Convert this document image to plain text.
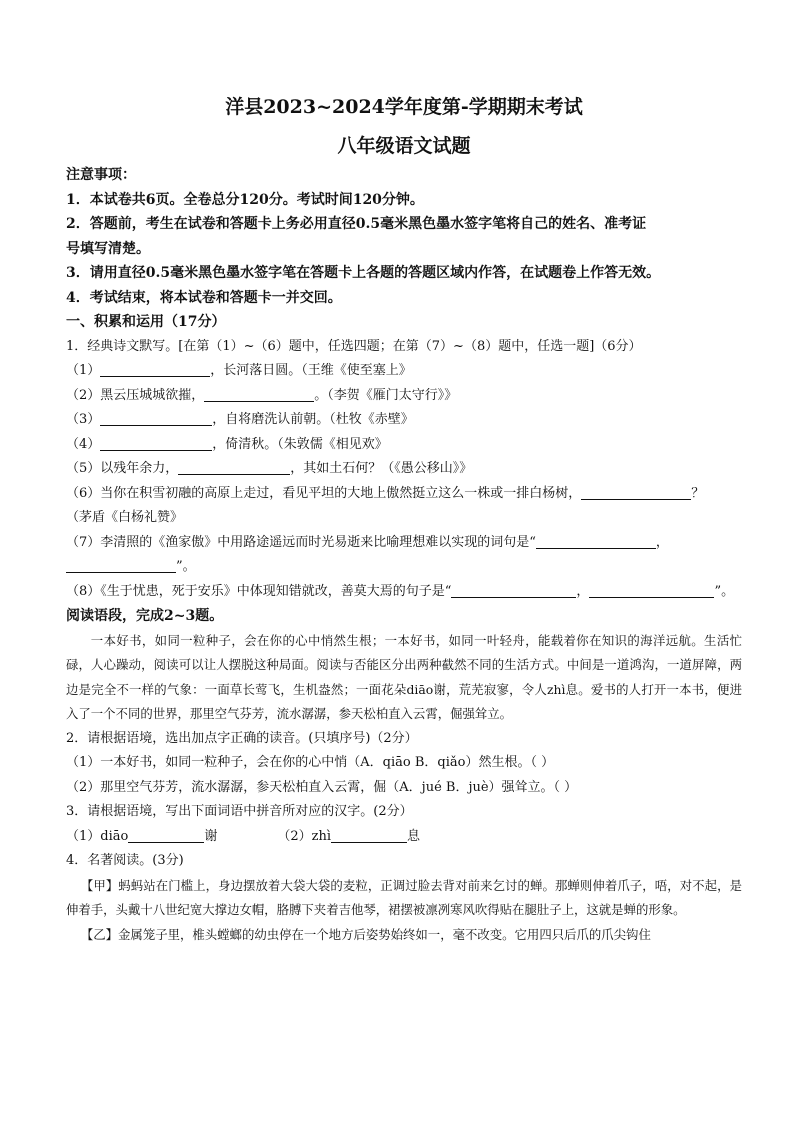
洋县2023~2024学年度第-学期期末考试
八年级语文试题
注意事项：
1．本试卷共6页。全卷总分120分。考试时间120分钟。
2．答题前，考生在试卷和答题卡上务必用直径0.5毫米黑色墨水签字笔将自己的姓名、准考证
号填写清楚。
3．请用直径0.5毫米黑色墨水签字笔在答题卡上各题的答题区域内作答，在试题卷上作答无效。
4．考试结束，将本试卷和答题卡一并交回。
一、积累和运用（17分）
1．经典诗文默写。[在第（1）~（6）题中，任选四题；在第（7）~（8）题中，任选一题]（6分）
（1）	，长河落日圆。（王维《使至塞上》
（2）黑云压城城欲摧，	。（李贺《雁门太守行》》
（3）	，自将磨洗认前朝。（杜牧《赤壁》
（4）	，倚清秋。（朱敦儒《相见欢》
（5）以残年余力，	，其如土石何？（《愚公移山》》
（6）当你在积雪初融的高原上走过，看见平坦的大地上傲然挺立这么一株或一排白杨树，	？
（茅盾《白杨礼赞》
（7）李清照的《渔家傲》中用路途遥远而时光易逝来比喻理想难以实现的词句是“	，
”。
（8）《生于忧患，死于安乐》中体现知错就改，善莫大焉的句子是“	，	”。
阅读语段，完成2~3题。

一本好书，如同一粒种子，会在你的心中悄然生根；一本好书，如同一叶轻舟，能载着你在知识的海洋远航。生活忙碌，人心躁动，阅读可以让人摆脱这种局面。阅读与否能区分出两种截然不同的生活方式。中间是一道鸿沟，一道屏障，两边是完全不一样的气象：一面草长莺飞，生机盎然；一面花朵diāo谢，荒芜寂寥，令人zhì息。爱书的人打开一本书，便进入了一个不同的世界，那里空气芬芳，流水潺潺，参天松柏直入云霄，倔强耸立。

2．请根据语境，选出加点字正确的读音。(只填序号)（2分）
（1）一本好书，如同一粒种子，会在你的心中悄（A．qiāo B．qiǎo）然生根。（ ）
（2）那里空气芬芳，流水潺潺，参天松柏直入云霄，倔（A．jué B．juè）强耸立。（ ）
3．请根据语境，写出下面词语中拼音所对应的汉字。(2分）
（1）diāo	谢	（2）zhì	息
4．名著阅读。(3分)

【甲】蚂蚂站在门槛上，身边摆放着大袋大袋的麦粒，正调过脸去背对前来乞讨的蝉。那蝉则伸着爪子，唔，对不起，是伸着手，头戴十八世纪宽大撑边女帽，胳膊下夹着吉他琴，裙摆被凛冽寒风吹得贴在腿肚子上，这就是蝉的形象。

【乙】金属笼子里，椎头螳螂的幼虫停在一个地方后姿势始终如一，毫不改变。它用四只后爪的爪尖钩住
